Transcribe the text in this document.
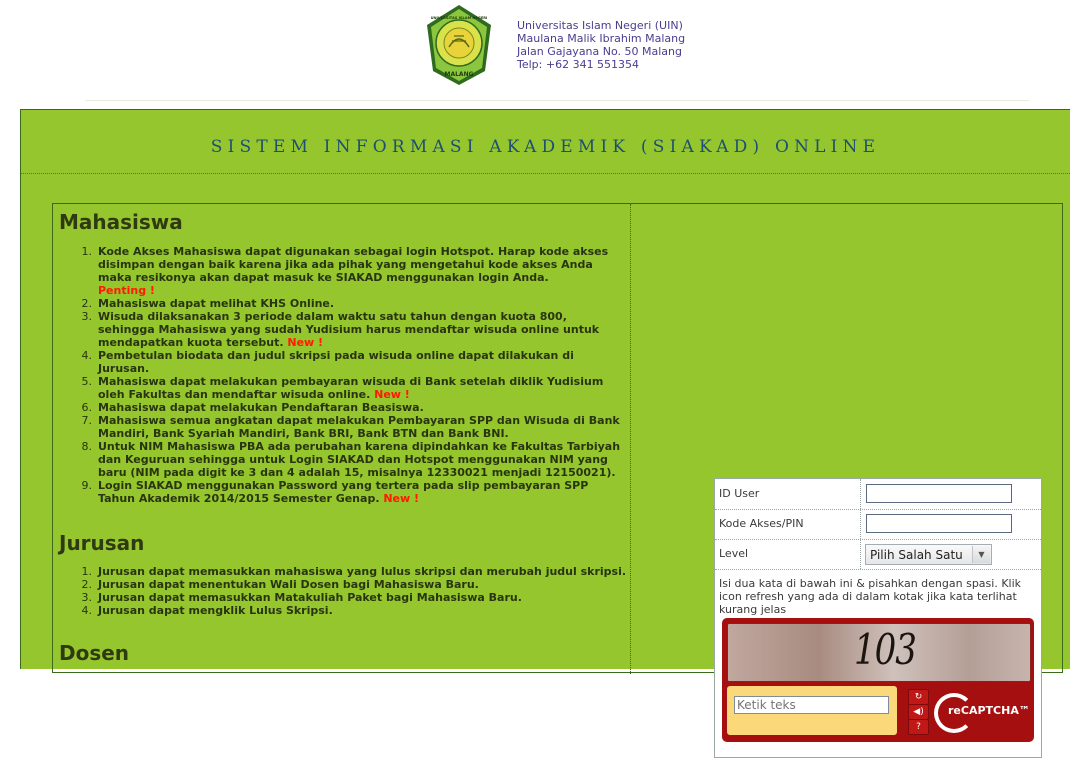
MALANG
UNIVERSITAS ISLAM NEGERI
Universitas Islam Negeri (UIN)
Maulana Malik Ibrahim Malang
Jalan Gajayana No. 50 Malang
Telp: +62 341 551354
SISTEM INFORMASI AKADEMIK (SIAKAD) ONLINE
Mahasiswa
1. Kode Akses Mahasiswa dapat digunakan sebagai login Hotspot. Harap kode akses disimpan dengan baik karena jika ada pihak yang mengetahui kode akses Anda maka resikonya akan dapat masuk ke SIAKAD menggunakan login Anda.
Penting !
2. Mahasiswa dapat melihat KHS Online.
3. Wisuda dilaksanakan 3 periode dalam waktu satu tahun dengan kuota 800, sehingga Mahasiswa yang sudah Yudisium harus mendaftar wisuda online untuk mendapatkan kuota tersebut. New !
4. Pembetulan biodata dan judul skripsi pada wisuda online dapat dilakukan di Jurusan.
5. Mahasiswa dapat melakukan pembayaran wisuda di Bank setelah diklik Yudisium oleh Fakultas dan mendaftar wisuda online. New !
6. Mahasiswa dapat melakukan Pendaftaran Beasiswa.
7. Mahasiswa semua angkatan dapat melakukan Pembayaran SPP dan Wisuda di Bank Mandiri, Bank Syariah Mandiri, Bank BRI, Bank BTN dan Bank BNI.
8. Untuk NIM Mahasiswa PBA ada perubahan karena dipindahkan ke Fakultas Tarbiyah dan Keguruan sehingga untuk Login SIAKAD dan Hotspot menggunakan NIM yang baru (NIM pada digit ke 3 dan 4 adalah 15, misalnya 12330021 menjadi 12150021).
9. Login SIAKAD menggunakan Password yang tertera pada slip pembayaran SPP Tahun Akademik 2014/2015 Semester Genap. New !
Jurusan
1. Jurusan dapat memasukkan mahasiswa yang lulus skripsi dan merubah judul skripsi.
2. Jurusan dapat menentukan Wali Dosen bagi Mahasiswa Baru.
3. Jurusan dapat memasukkan Matakuliah Paket bagi Mahasiswa Baru.
4. Jurusan dapat mengklik Lulus Skripsi.
Dosen
ID User
Kode Akses/PIN
Level	Pilih Salah Satu	▼
Isi dua kata di bawah ini & pisahkan dengan spasi. Klik icon refresh yang ada di dalam kotak jika kata terlihat kurang jelas
103
Ketik teks
↻
◀)
?
reCAPTCHA™
